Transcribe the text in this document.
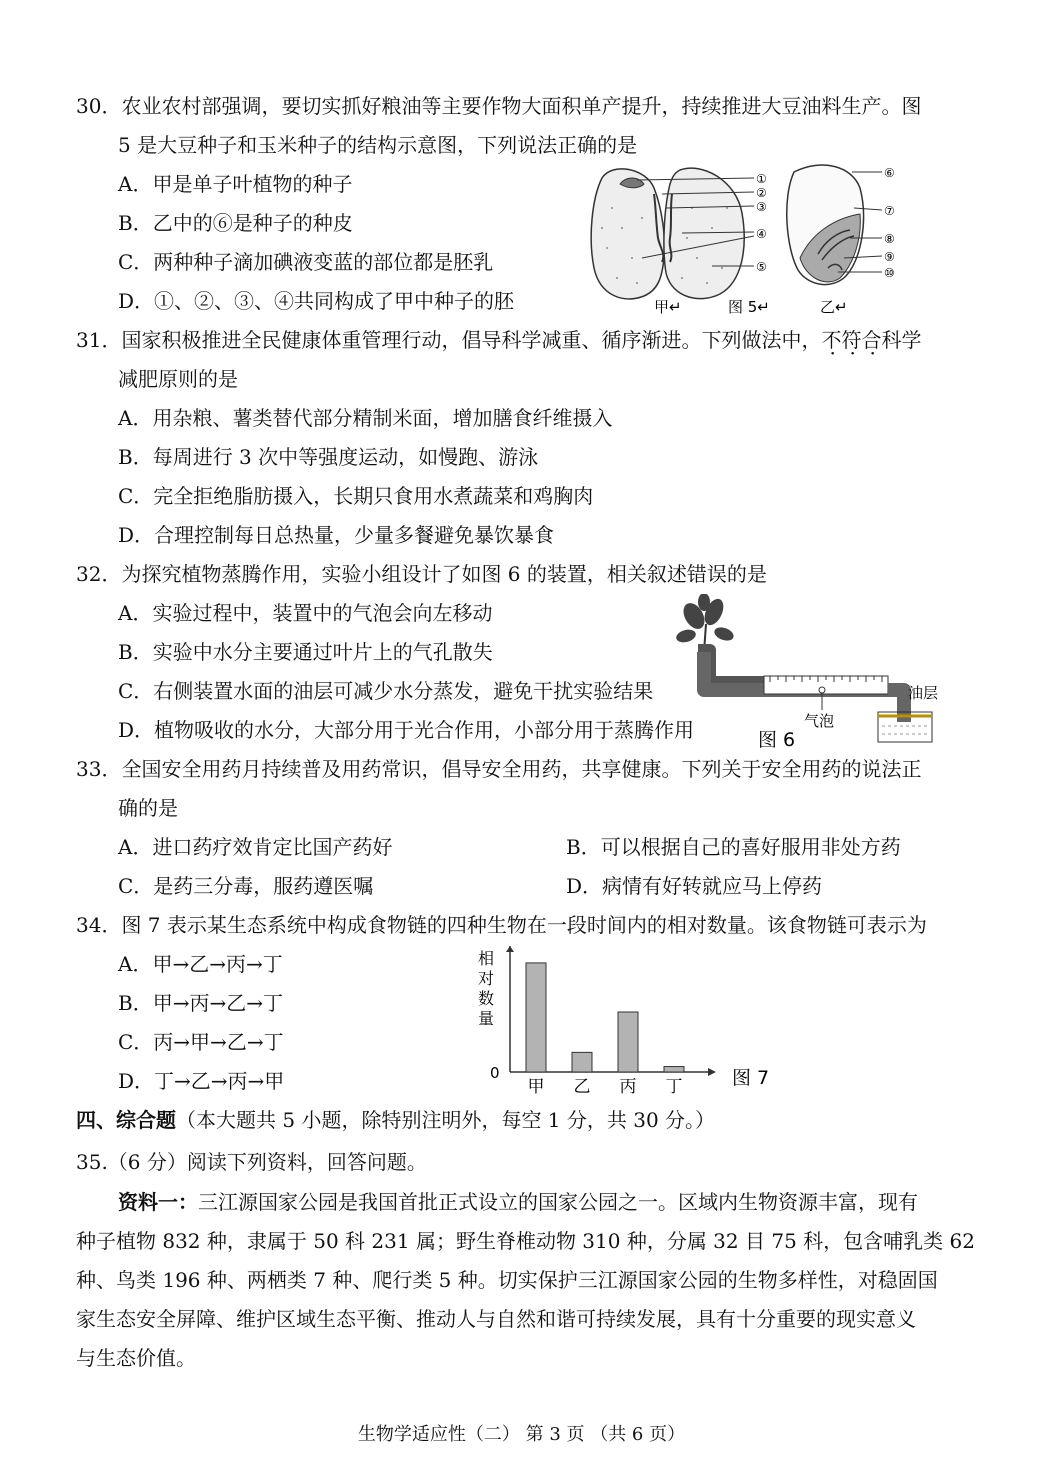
30．农业农村部强调，要切实抓好粮油等主要作物大面积单产提升，持续推进大豆油料生产。图
5 是大豆种子和玉米种子的结构示意图，下列说法正确的是
A．甲是单子叶植物的种子
B．乙中的⑥是种子的种皮
C．两种种子滴加碘液变蓝的部位都是胚乳
D．①、②、③、④共同构成了甲中种子的胚
①
②
③
④
⑤
⑥
⑦
⑧
⑨
⑩
甲↵	图 5↵	乙↵
31．国家积极推进全民健康体重管理行动，倡导科学减重、循序渐进。下列做法中，不符合科学
减肥原则的是
A．用杂粮、薯类替代部分精制米面，增加膳食纤维摄入
B．每周进行 3 次中等强度运动，如慢跑、游泳
C．完全拒绝脂肪摄入，长期只食用水煮蔬菜和鸡胸肉
D．合理控制每日总热量，少量多餐避免暴饮暴食
32．为探究植物蒸腾作用，实验小组设计了如图 6 的装置，相关叙述错误的是
A．实验过程中，装置中的气泡会向左移动
B．实验中水分主要通过叶片上的气孔散失
C．右侧装置水面的油层可减少水分蒸发，避免干扰实验结果
D．植物吸收的水分，大部分用于光合作用，小部分用于蒸腾作用
油层
气泡
图 6
33．全国安全用药月持续普及用药常识，倡导安全用药，共享健康。下列关于安全用药的说法正
确的是
A．进口药疗效肯定比国产药好	B．可以根据自己的喜好服用非处方药
C．是药三分毒，服药遵医嘱	D．病情有好转就应马上停药
34．图 7 表示某生态系统中构成食物链的四种生物在一段时间内的相对数量。该食物链可表示为
A．甲→乙→丙→丁
B．甲→丙→乙→丁
C．丙→甲→乙→丁
D．丁→乙→丙→甲
相
对
数
量
0
甲 乙 丙 丁	图 7
四、综合题（本大题共 5 小题，除特别注明外，每空 1 分，共 30 分。）
35.（6 分）阅读下列资料，回答问题。
资料一：三江源国家公园是我国首批正式设立的国家公园之一。区域内生物资源丰富，现有
种子植物 832 种，隶属于 50 科 231 属；野生脊椎动物 310 种，分属 32 目 75 科，包含哺乳类 62
种、鸟类 196 种、两栖类 7 种、爬行类 5 种。切实保护三江源国家公园的生物多样性，对稳固国
家生态安全屏障、维护区域生态平衡、推动人与自然和谐可持续发展，具有十分重要的现实意义
与生态价值。
生物学适应性（二） 第 3 页 （共 6 页）
